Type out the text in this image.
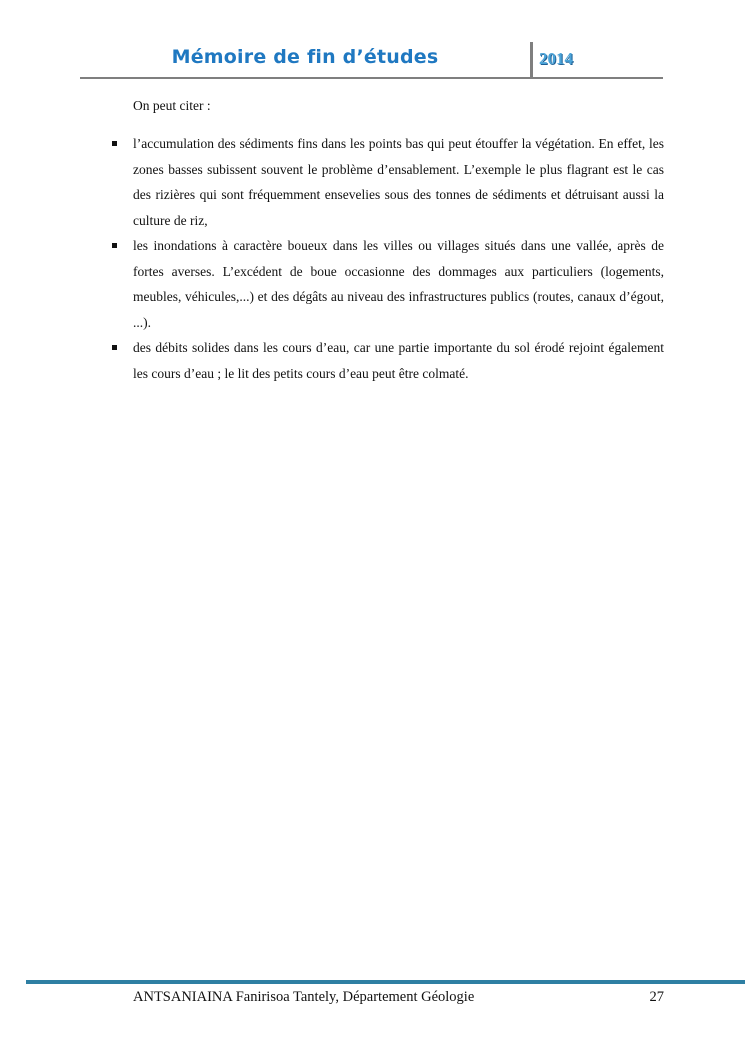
Mémoire de fin d’études	2014

On peut citer :

l’accumulation des sédiments fins dans les points bas qui peut étouffer la végétation. En effet, les zones basses subissent souvent le problème d’ensablement. L’exemple le plus flagrant est le cas des rizières qui sont fréquemment ensevelies sous des tonnes de sédiments et détruisant aussi la culture de riz,
les inondations à caractère boueux dans les villes ou villages situés dans une vallée, après de fortes averses. L’excédent de boue occasionne des dommages aux particuliers (logements, meubles, véhicules,...) et des dégâts au niveau des infrastructures publics (routes, canaux d’égout, ...).
des débits solides dans les cours d’eau, car une partie importante du sol érodé rejoint également les cours d’eau ; le lit des petits cours d’eau peut être colmaté.
ANTSANIAINA Fanirisoa Tantely, Département Géologie	27
